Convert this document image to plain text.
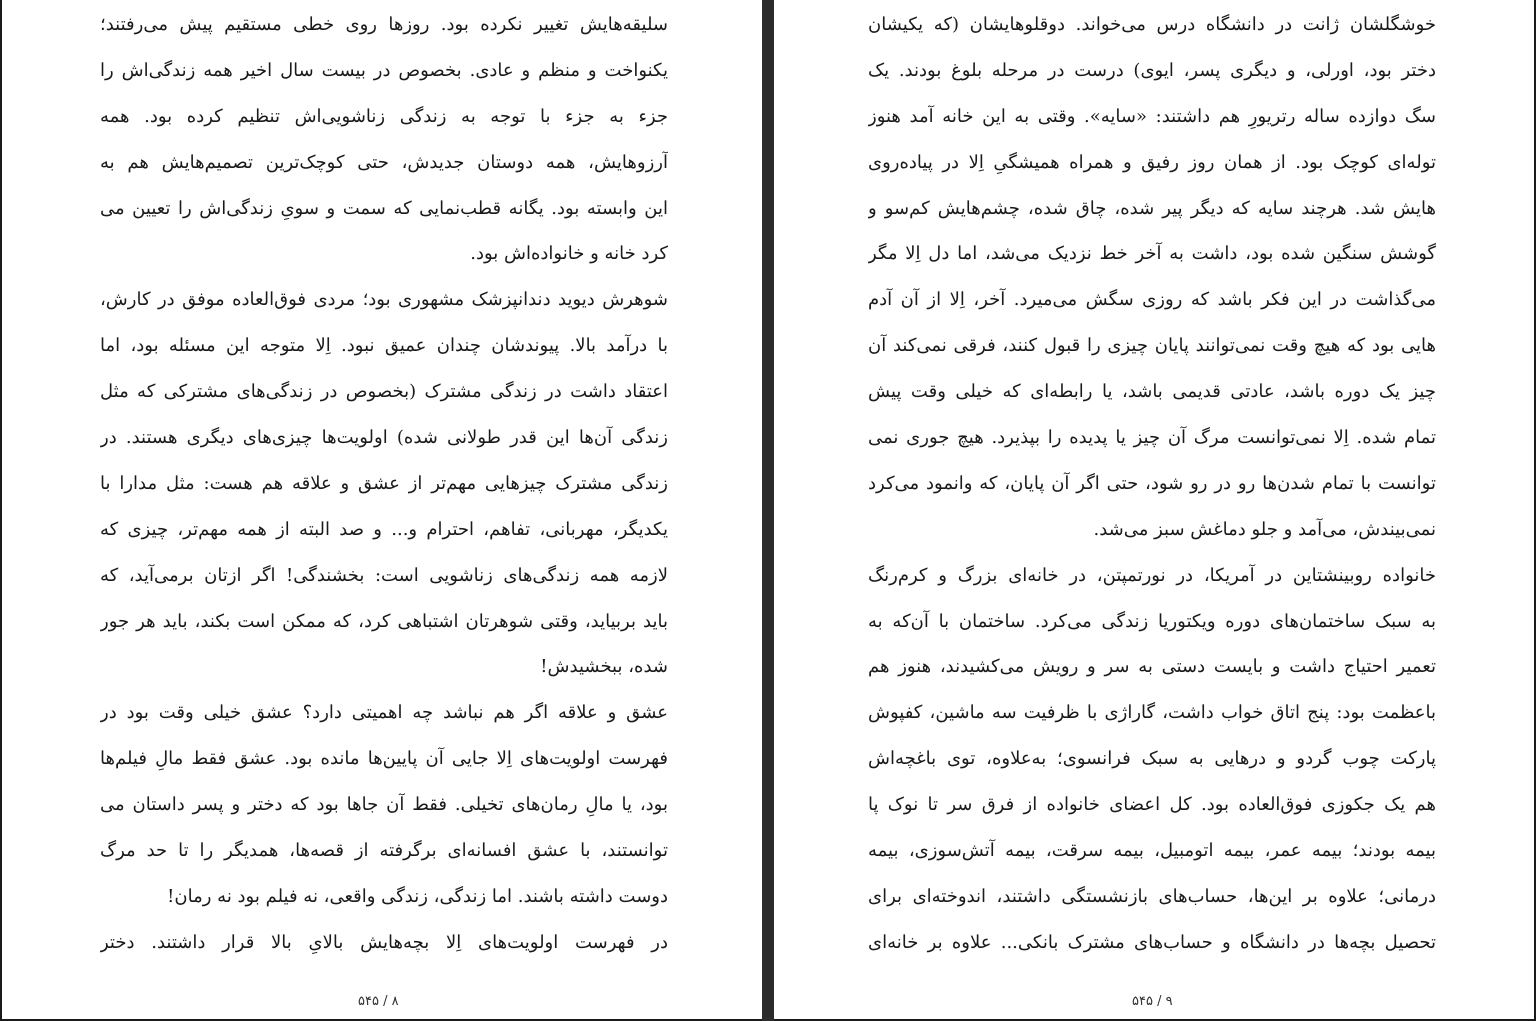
سلیقه‌هایش تغییر نکرده بود. روزها روی خطی مستقیم پیش می‌رفتند؛
یکنواخت و منظم و عادی. بخصوص در بیست سال اخیر همه زندگی‌اش را
جزء به جزء با توجه به زندگی زناشویی‌اش تنظیم کرده بود. همه
آرزوهایش، همه دوستان جدیدش، حتی کوچک‌ترین تصمیم‌هایش هم به
این وابسته بود. یگانه قطب‌نمایی که سمت و سویِ زندگی‌اش را تعیین می
کرد خانه و خانواده‌اش بود.
شوهرش دیوید دندانپزشک مشهوری بود؛ مردی فوق‌العاده موفق در کارش،
با درآمد بالا. پیوندشان چندان عمیق نبود. اِلا متوجه این مسئله بود، اما
اعتقاد داشت در زندگی مشترک (بخصوص در زندگی‌های مشترکی که مثل
زندگی آن‌ها این قدر طولانی شده) اولویت‌ها چیزی‌های دیگری هستند. در
زندگی مشترک چیزهایی مهم‌تر از عشق و علاقه هم هست: مثل مدارا با
یکدیگر، مهربانی، تفاهم، احترام و... و صد البته از همه مهم‌تر، چیزی که
لازمه همه زندگی‌های زناشویی است: بخشندگی! اگر ازتان برمی‌آید، که
باید بربیاید، وقتی شوهرتان اشتباهی کرد، که ممکن است بکند، باید هر جور
شده، ببخشیدش!
عشق و علاقه اگر هم نباشد چه اهمیتی دارد؟ عشق خیلی وقت بود در
فهرست اولویت‌های اِلا جایی آن پایین‌ها مانده بود. عشق فقط مالِ فیلم‌ها
بود، یا مالِ رمان‌های تخیلی. فقط آن جاها بود که دختر و پسر داستان می
توانستند، با عشق افسانه‌ای برگرفته از قصه‌ها، همدیگر را تا حد مرگ
دوست داشته باشند. اما زندگی، زندگی واقعی، نه فیلم بود نه رمان!
در فهرست اولویت‌های اِلا بچه‌هایش بالایِ بالا قرار داشتند. دختر
۸ / ۵۴۵
خوشگلشان ژانت در دانشگاه درس می‌خواند. دوقلوهایشان (که یکیشان
دختر بود، اورلی، و دیگری پسر، ایوی) درست در مرحله بلوغ بودند. یک
سگ دوازده ساله رتریورِ هم داشتند: «سایه». وقتی به این خانه آمد هنوز
توله‌ای کوچک بود. از همان روز رفیق و همراه همیشگیِ اِلا در پیاده‌روی
هایش شد. هرچند سایه که دیگر پیر شده، چاق شده، چشم‌هایش کم‌سو و
گوشش سنگین شده بود، داشت به آخر خط نزدیک می‌شد، اما دل اِلا مگر
می‌گذاشت در این فکر باشد که روزی سگش می‌میرد. آخر، اِلا از آن آدم
هایی بود که هیچ وقت نمی‌توانند پایان چیزی را قبول کنند، فرقی نمی‌کند آن
چیز یک دوره باشد، عادتی قدیمی باشد، یا رابطه‌ای که خیلی وقت پیش
تمام شده. اِلا نمی‌توانست مرگ آن چیز یا پدیده را بپذیرد. هیچ جوری نمی
توانست با تمام شدن‌ها رو در رو شود، حتی اگر آن پایان، که وانمود می‌کرد
نمی‌بیندش، می‌آمد و جلو دماغش سبز می‌شد.
خانواده روبینشتاین در آمریکا، در نورتمپتن، در خانه‌ای بزرگ و کرم‌رنگ
به سبک ساختمان‌های دوره ویکتوریا زندگی می‌کرد. ساختمان با آن‌که به
تعمیر احتیاج داشت و بایست دستی به سر و رویش می‌کشیدند، هنوز هم
باعظمت بود: پنج اتاق خواب داشت، گاراژی با ظرفیت سه ماشین، کفپوش
پارکت چوب گردو و درهایی به سبک فرانسوی؛ به‌علاوه، توی باغچه‌اش
هم یک جکوزی فوق‌العاده بود. کل اعضای خانواده از فرق سر تا نوک پا
بیمه بودند؛ بیمه عمر، بیمه اتومبیل، بیمه سرقت، بیمه آتش‌سوزی، بیمه
درمانی؛ علاوه بر این‌ها، حساب‌های بازنشستگی داشتند، اندوخته‌ای برای
تحصیل بچه‌ها در دانشگاه و حساب‌های مشترک بانکی... علاوه بر خانه‌ای
۹ / ۵۴۵
